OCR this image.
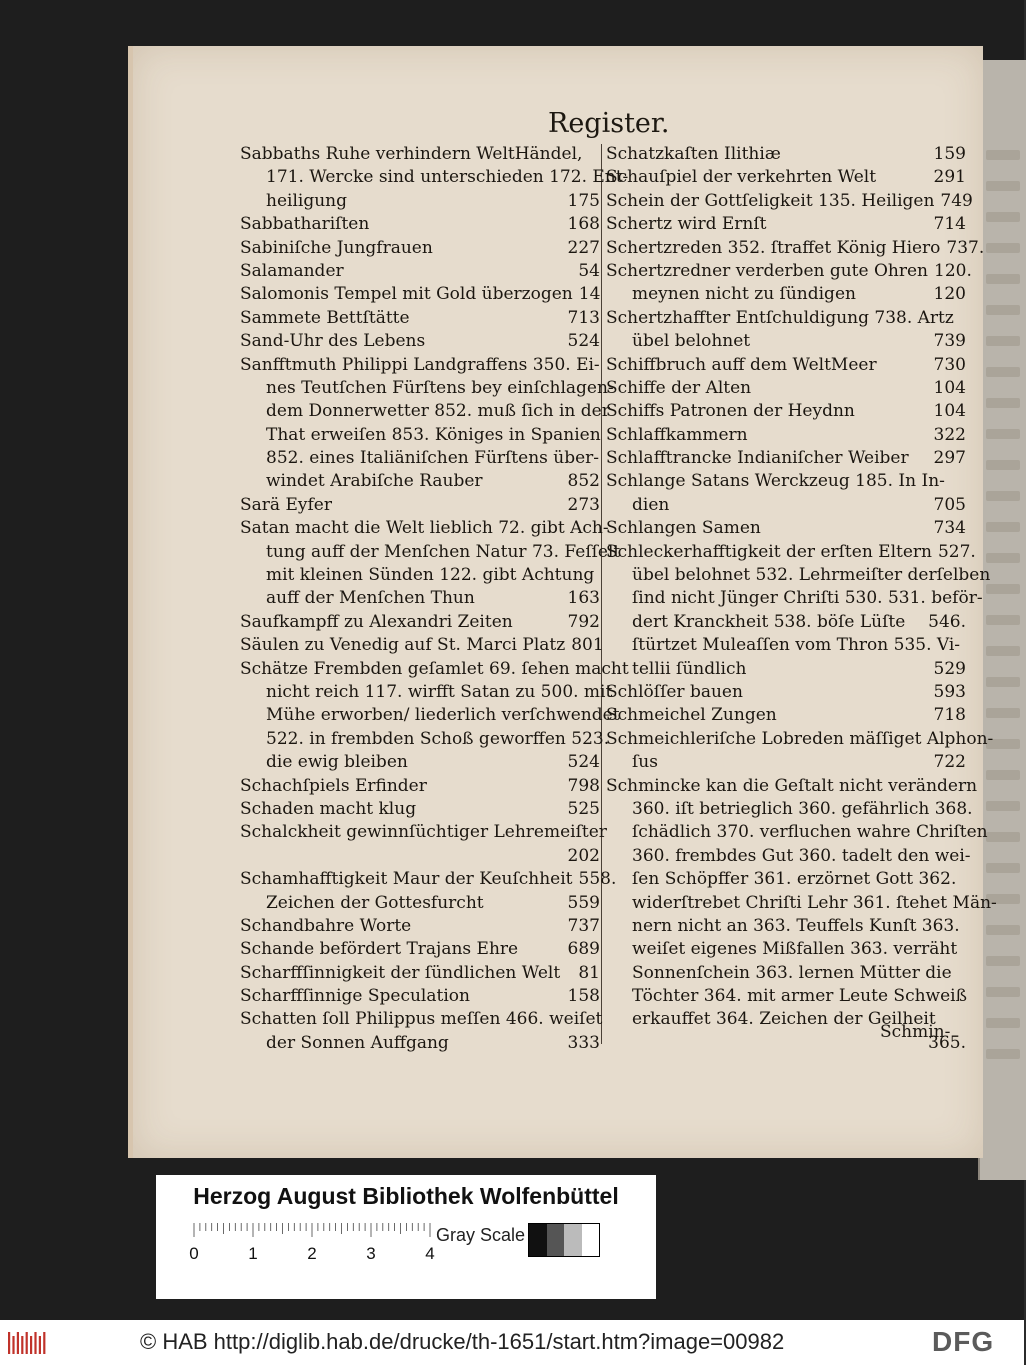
Register.
Sabbaths Ruhe verhindern WeltHändel,
171. Wercke sind unterschieden 172. Ent-
heiligung	175
Sabbathariſten	168
Sabiniſche Jungfrauen	227
Salamander	54
Salomonis Tempel mit Gold überzogen 14
Sammete Bettſtätte	713
Sand-Uhr des Lebens	524
Sanfftmuth Philippi Landgraffens 350. Ei-
nes Teutſchen Fürſtens bey einſchlagen-
dem Donnerwetter 852. muß ſich in der
That erweiſen 853. Königes in Spanien
852. eines Italiäniſchen Fürſtens über-
windet Arabiſche Rauber	852
Sarä Eyfer	273
Satan macht die Welt lieblich 72. gibt Ach-
tung auff der Menſchen Natur 73. Feſſelt
mit kleinen Sünden 122. gibt Achtung
auff der Menſchen Thun	163
Saufkampff zu Alexandri Zeiten	792
Säulen zu Venedig auf St. Marci Platz 801
Schätze Frembden geſamlet 69. ſehen macht
nicht reich 117. wirfft Satan zu 500. mit
Mühe erworben/ liederlich verſchwendet
522. in frembden Schoß geworffen 523.
die ewig bleiben	524
Schachſpiels Erfinder	798
Schaden macht klug	525
Schalckheit gewinnſüchtiger Lehremeiſter
202
Schamhafftigkeit Maur der Keuſchheit 558.
Zeichen der Gottesfurcht	559
Schandbahre Worte	737
Schande befördert Trajans Ehre	689
Scharffſinnigkeit der ſündlichen Welt	81
Scharffſinnige Speculation	158
Schatten ſoll Philippus meſſen 466. weiſet
der Sonnen Auffgang	333
Schatzkaſten Ilithiæ	159
Schauſpiel der verkehrten Welt	291
Schein der Gottſeligkeit 135. Heiligen 749
Schertz wird Ernſt	714
Schertzreden 352. ſtraffet König Hiero 737.
Schertzredner verderben gute Ohren 120.
meynen nicht zu ſündigen	120
Schertzhaffter Entſchuldigung 738. Artz
übel belohnet	739
Schiffbruch auff dem WeltMeer	730
Schiffe der Alten	104
Schiffs Patronen der Heydnn	104
Schlaffkammern	322
Schlafftrancke Indianiſcher Weiber	297
Schlange Satans Werckzeug 185. In In-
dien	705
Schlangen Samen	734
Schleckerhafftigkeit der erſten Eltern 527.
übel belohnet 532. Lehrmeiſter derſelben
ſind nicht Jünger Chriſti 530. 531. beför-
dert Kranckheit 538. böſe Lüſte	546.
ſtürtzet Muleaſſen vom Thron 535. Vi-
tellii ſündlich	529
Schlöſſer bauen	593
Schmeichel Zungen	718
Schmeichleriſche Lobreden mäſſiget Alphon-
ſus	722
Schmincke kan die Geſtalt nicht verändern
360. iſt betrieglich 360. gefährlich 368.
ſchädlich 370. verfluchen wahre Chriſten
360. frembdes Gut 360. tadelt den wei-
ſen Schöpffer 361. erzörnet Gott 362.
widerſtrebet Chriſti Lehr 361. ſtehet Män-
nern nicht an 363. Teuffels Kunſt 363.
weiſet eigenes Mißfallen 363. verräht
Sonnenſchein 363. lernen Mütter die
Töchter 364. mit armer Leute Schweiß
erkauffet 364. Zeichen der Geilheit
365.
Schmin-
Herzog August Bibliothek Wolfenbüttel
0	1	2	3	4
Gray Scale
© HAB http://diglib.hab.de/drucke/th-1651/start.htm?image=00982	DFG
